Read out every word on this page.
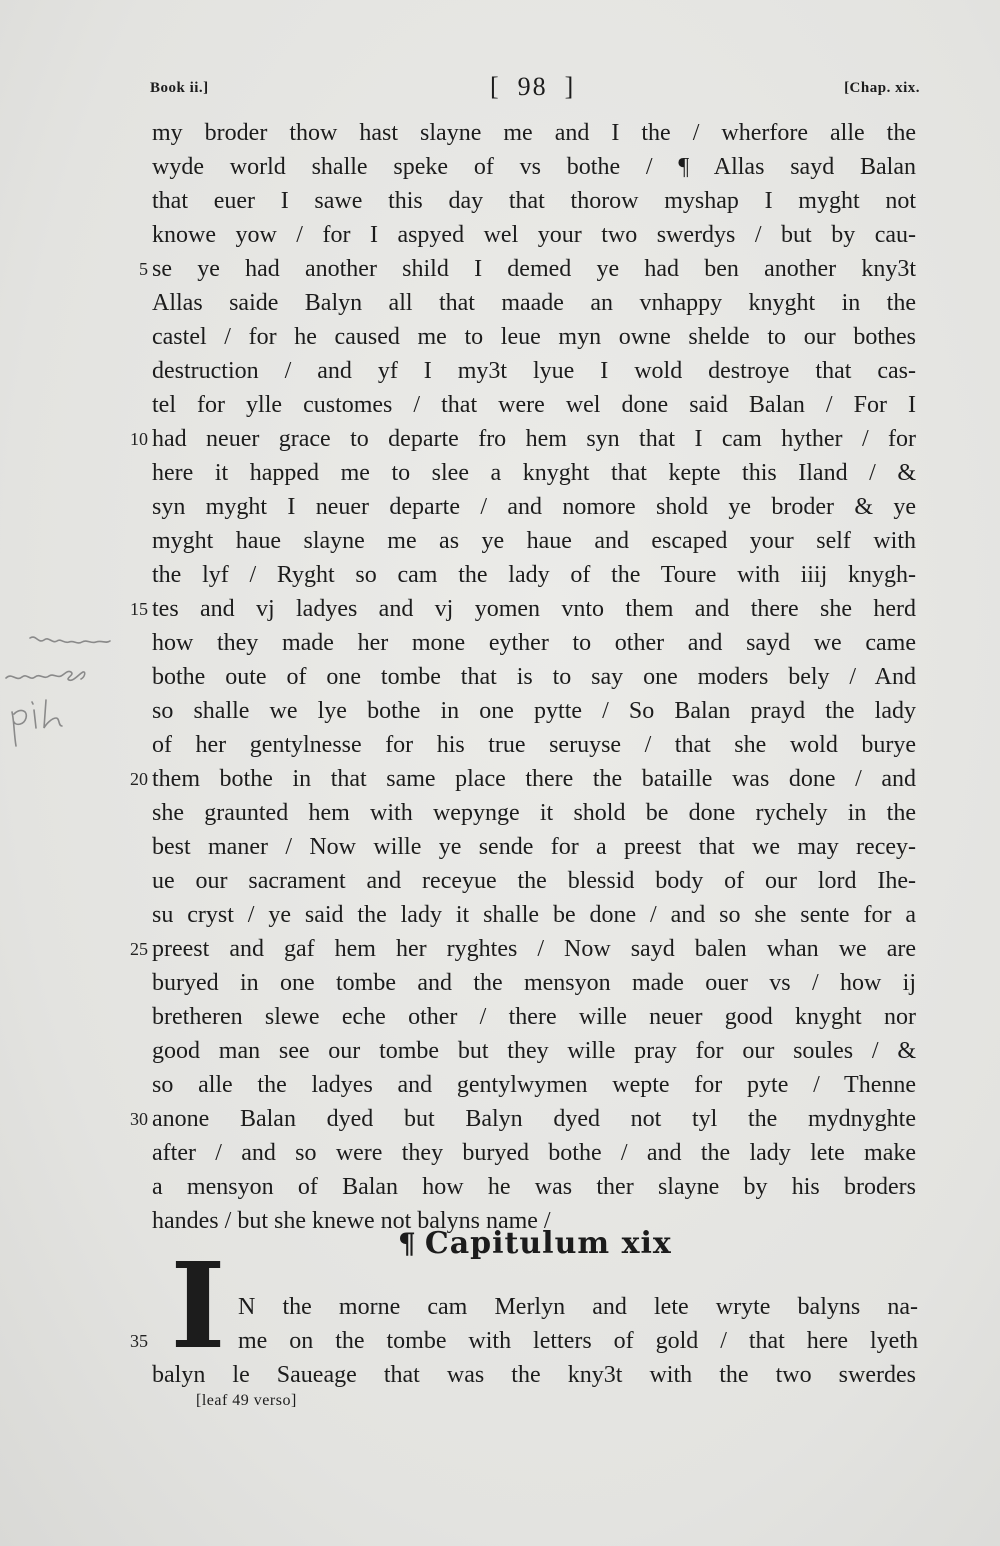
Book ii.]	[  98  ]	[Chap. xix.
my broder thow hast slayne me and I the / wherfore alle the
wyde world shalle speke of vs bothe / ¶ Allas sayd Balan
that euer I sawe this day that thorow myshap I myght not
knowe yow / for I aspyed wel your two swerdys / but by cau-
5 se ye had another shild I demed ye had ben another kny3t
Allas saide Balyn all that maade an vnhappy knyght in the
castel / for he caused me to leue myn owne shelde to our bothes
destruction / and yf I my3t lyue I wold destroye that cas-
tel for ylle customes / that were wel done said Balan / For I
10 had neuer grace to departe fro hem syn that I cam hyther / for
here it happed me to slee a knyght that kepte this Iland / &
syn myght I neuer departe / and nomore shold ye broder & ye
myght haue slayne me as ye haue and escaped your self with
the lyf / Ryght so cam the lady of the Toure with iiij knygh-
15 tes and vj ladyes and vj yomen vnto them and there she herd
how they made her mone eyther to other and sayd we came
bothe oute of one tombe that is to say one moders bely / And
so shalle we lye bothe in one pytte / So Balan prayd the lady
of her gentylnesse for his true seruyse / that she wold burye
20 them bothe in that same place there the bataille was done / and
she graunted hem with wepynge it shold be done rychely in the
best maner / Now wille ye sende for a preest that we may recey-
ue our sacrament and receyue the blessid body of our lord Ihe-
su cryst / ye said the lady it shalle be done / and so she sente for a
25 preest and gaf hem her ryghtes / Now sayd balen whan we are
buryed in one tombe and the mensyon made ouer vs / how ij
bretheren slewe eche other / there wille neuer good knyght nor
good man see our tombe but they wille pray for our soules / &
so alle the ladyes and gentylwymen wepte for pyte / Thenne
30 anone Balan dyed but Balyn dyed not tyl the mydnyghte
after / and so were they buryed bothe / and the lady lete make
a mensyon of Balan how he was ther slayne by his broders
handes / but she knewe not balyns name /
¶ Capitulum xix
I N the morne cam Merlyn and lete wryte balyns na-
35	me on the tombe with letters of gold / that here lyeth
balyn le Saueage that was the kny3t with the two swerdes
[leaf 49 verso]
